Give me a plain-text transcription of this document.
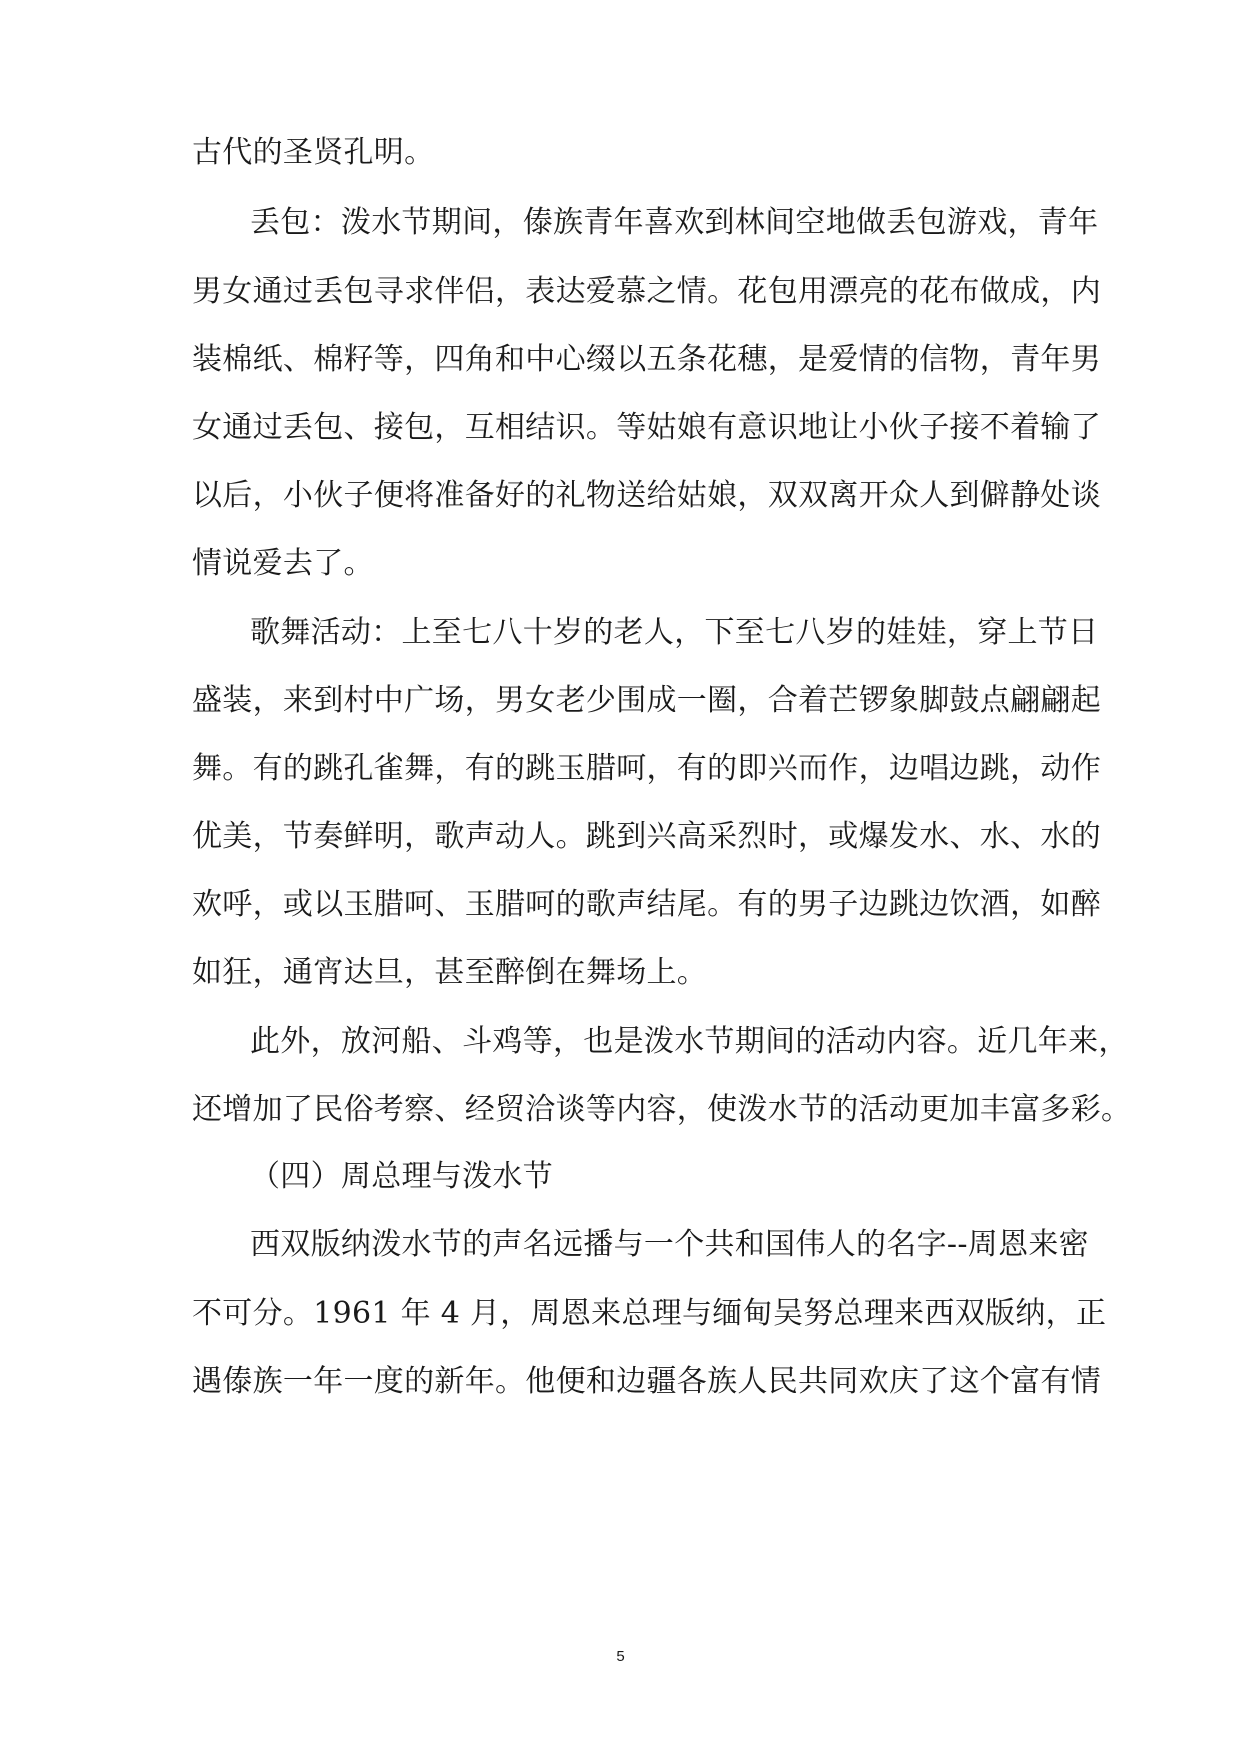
古代的圣贤孔明。
丢包：泼水节期间，傣族青年喜欢到林间空地做丢包游戏，青年
男女通过丢包寻求伴侣，表达爱慕之情。花包用漂亮的花布做成，内
装棉纸、棉籽等，四角和中心缀以五条花穗，是爱情的信物，青年男
女通过丢包、接包，互相结识。等姑娘有意识地让小伙子接不着输了
以后，小伙子便将准备好的礼物送给姑娘，双双离开众人到僻静处谈
情说爱去了。
歌舞活动：上至七八十岁的老人，下至七八岁的娃娃，穿上节日
盛装，来到村中广场，男女老少围成一圈，合着芒锣象脚鼓点翩翩起
舞。有的跳孔雀舞，有的跳玉腊呵，有的即兴而作，边唱边跳，动作
优美，节奏鲜明，歌声动人。跳到兴高采烈时，或爆发水、水、水的
欢呼，或以玉腊呵、玉腊呵的歌声结尾。有的男子边跳边饮酒，如醉
如狂，通宵达旦，甚至醉倒在舞场上。
此外，放河船、斗鸡等，也是泼水节期间的活动内容。近几年来，
还增加了民俗考察、经贸洽谈等内容，使泼水节的活动更加丰富多彩。
（四）周总理与泼水节
西双版纳泼水节的声名远播与一个共和国伟人的名字--周恩来密
不可分。1961 年 4 月，周恩来总理与缅甸吴努总理来西双版纳，正
遇傣族一年一度的新年。他便和边疆各族人民共同欢庆了这个富有情
5
